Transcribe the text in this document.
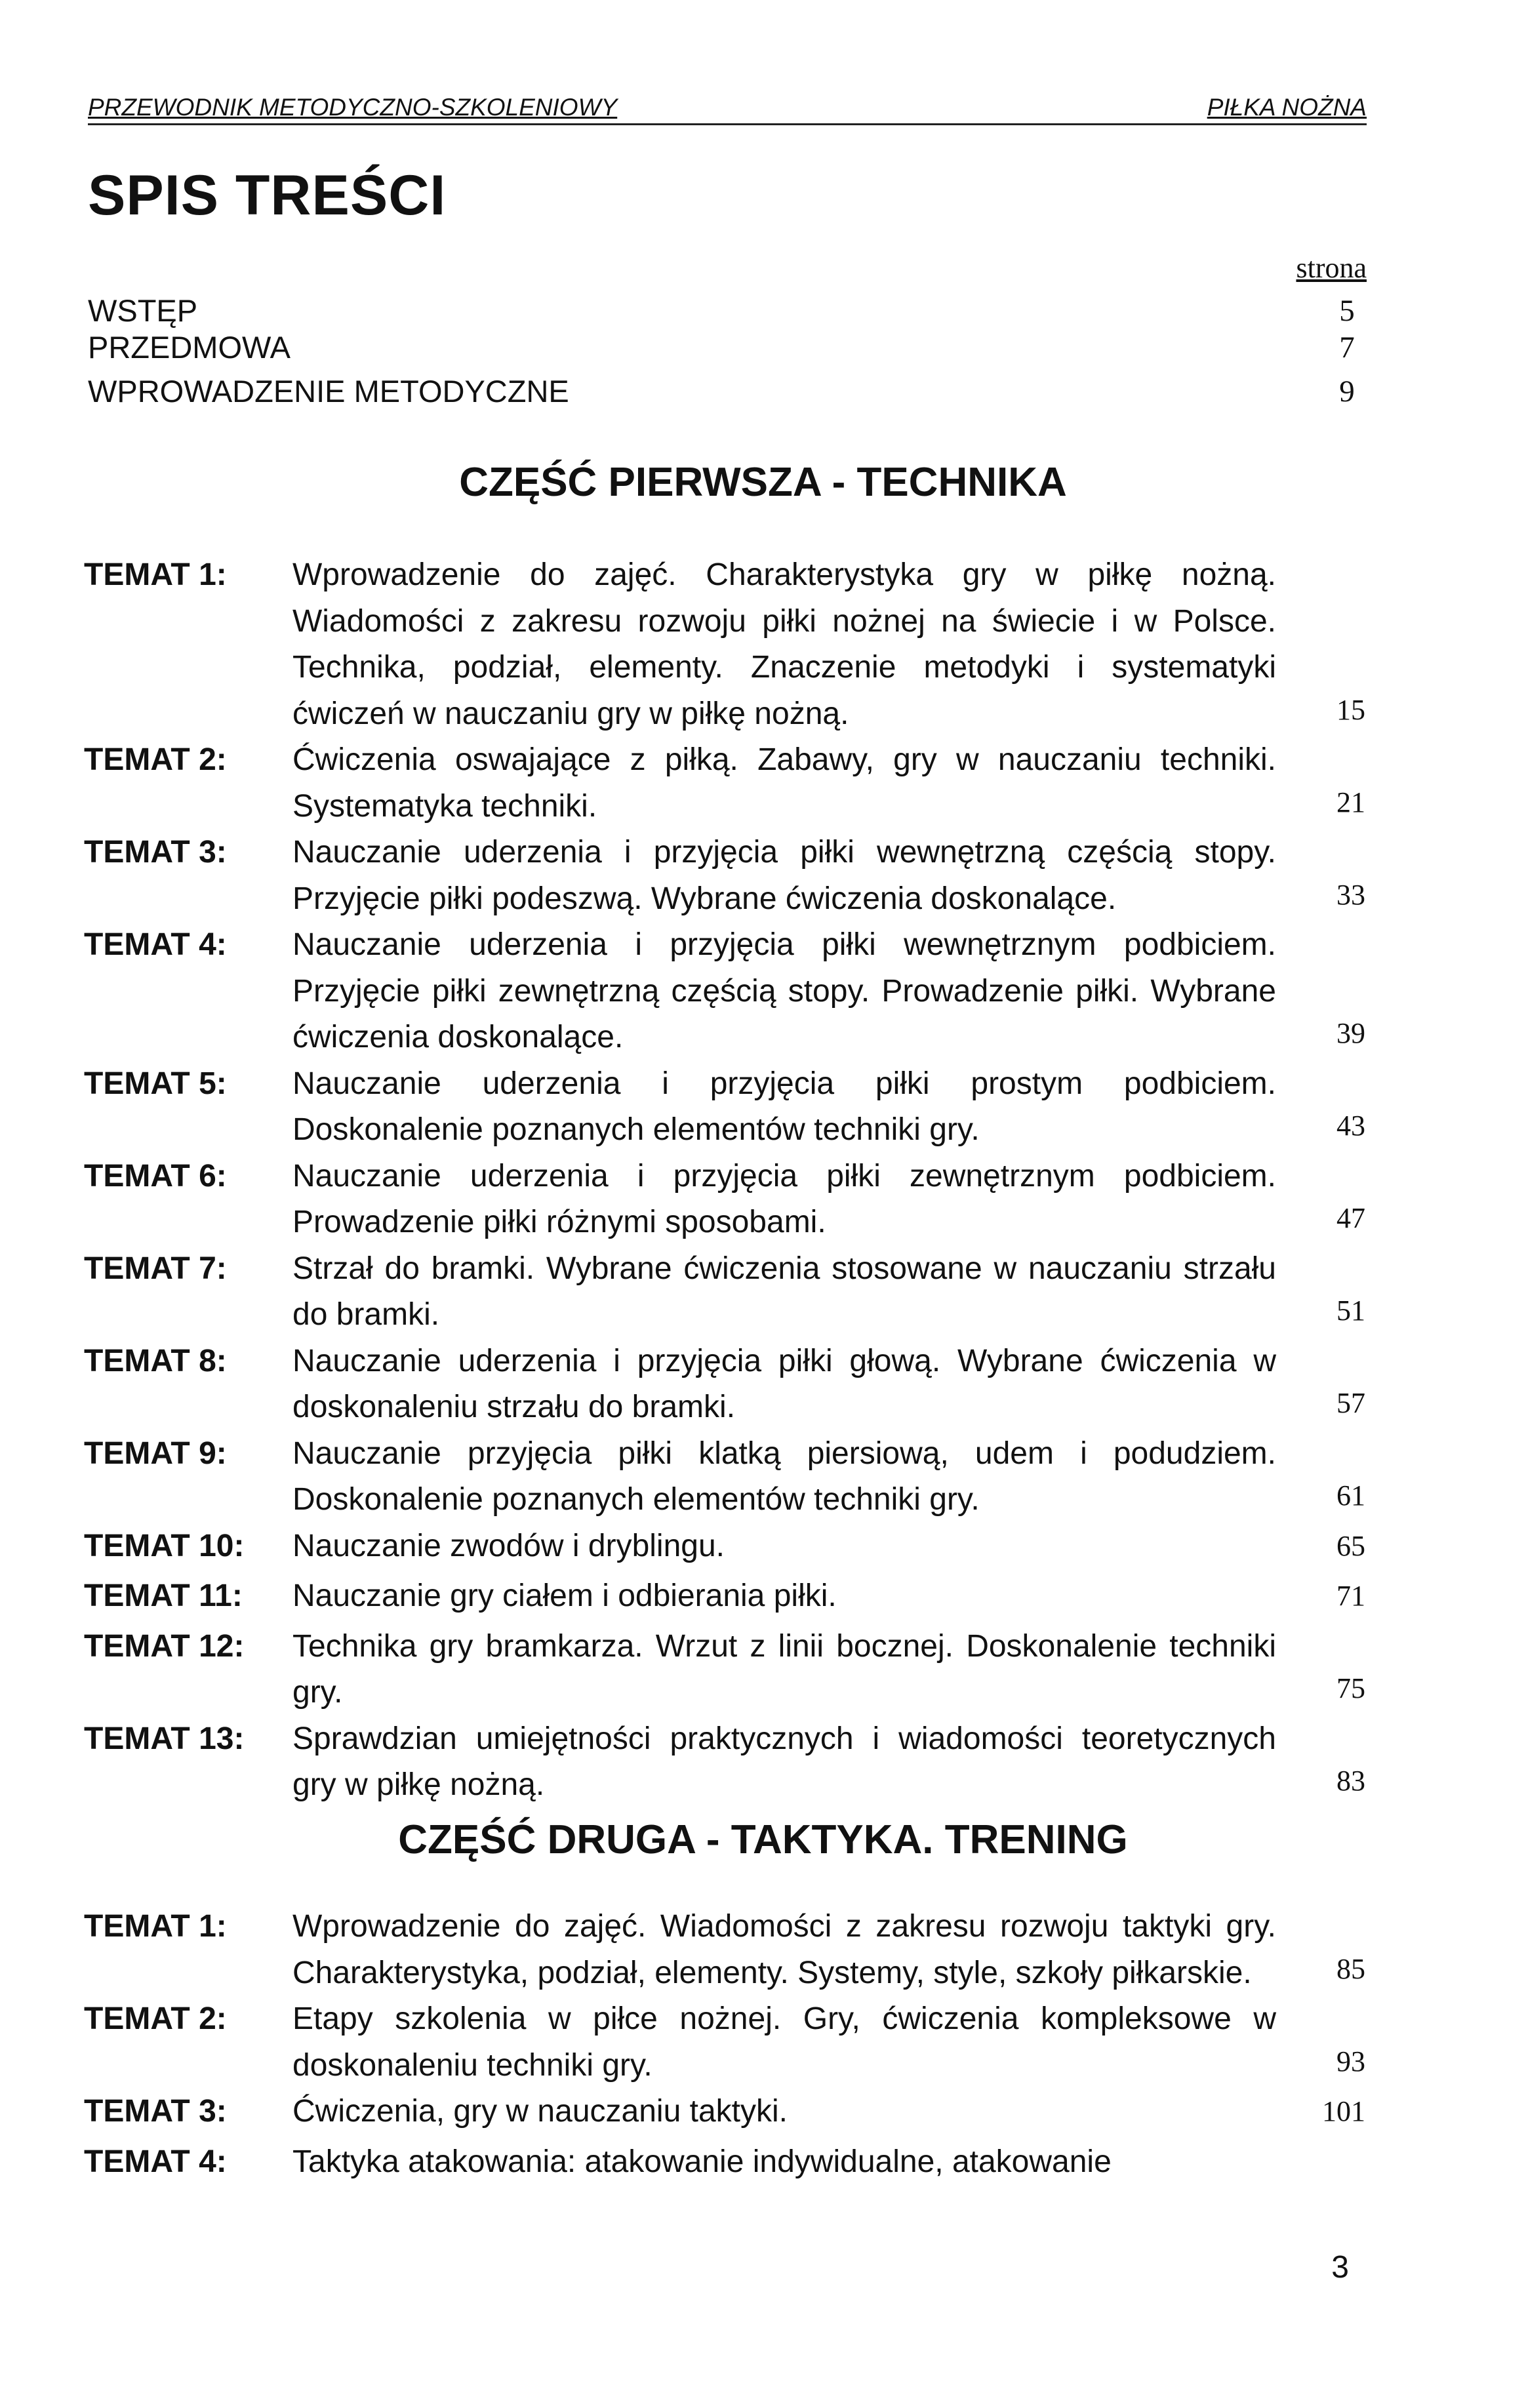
PRZEWODNIK METODYCZNO-SZKOLENIOWY	PIŁKA NOŻNA
SPIS TREŚCI
strona
WSTĘP	5
PRZEDMOWA	7
WPROWADZENIE METODYCZNE	9
CZĘŚĆ PIERWSZA - TECHNIKA
TEMAT 1:	Wprowadzenie do zajęć. Charakterystyka gry w piłkę nożną. Wiadomości z zakresu rozwoju piłki nożnej na świecie i w Polsce. Technika, podział, elementy. Znaczenie metodyki i systematyki ćwiczeń w nauczaniu gry w piłkę nożną.	15
TEMAT 2:	Ćwiczenia oswajające z piłką. Zabawy, gry w nauczaniu techniki. Systematyka techniki.	21
TEMAT 3:	Nauczanie uderzenia i przyjęcia piłki wewnętrzną częścią stopy. Przyjęcie piłki podeszwą. Wybrane ćwiczenia doskonalące.	33
TEMAT 4:	Nauczanie uderzenia i przyjęcia piłki wewnętrznym podbiciem. Przyjęcie piłki zewnętrzną częścią stopy. Prowadzenie piłki. Wybrane ćwiczenia doskonalące.	39
TEMAT 5:	Nauczanie uderzenia i przyjęcia piłki prostym podbiciem. Doskonalenie poznanych elementów techniki gry.	43
TEMAT 6:	Nauczanie uderzenia i przyjęcia piłki zewnętrznym podbiciem. Prowadzenie piłki różnymi sposobami.	47
TEMAT 7:	Strzał do bramki. Wybrane ćwiczenia stosowane w nauczaniu strzału do bramki.	51
TEMAT 8:	Nauczanie uderzenia i przyjęcia piłki głową. Wybrane ćwiczenia w doskonaleniu strzału do bramki.	57
TEMAT 9:	Nauczanie przyjęcia piłki klatką piersiową, udem i podudziem. Doskonalenie poznanych elementów techniki gry.	61
TEMAT 10:	Nauczanie zwodów i dryblingu.	65
TEMAT 11:	Nauczanie gry ciałem i odbierania piłki.	71
TEMAT 12:	Technika gry bramkarza. Wrzut z linii bocznej. Doskonalenie techniki gry.	75
TEMAT 13:	Sprawdzian umiejętności praktycznych i wiadomości teoretycznych gry w piłkę nożną.	83
CZĘŚĆ DRUGA - TAKTYKA. TRENING
TEMAT 1:	Wprowadzenie do zajęć. Wiadomości z zakresu rozwoju taktyki gry. Charakterystyka, podział, elementy. Systemy, style, szkoły piłkarskie.	85
TEMAT 2:	Etapy szkolenia w piłce nożnej. Gry, ćwiczenia kompleksowe w doskonaleniu techniki gry.	93
TEMAT 3:	Ćwiczenia, gry w nauczaniu taktyki.	101
TEMAT 4:	Taktyka atakowania: atakowanie indywidualne, atakowanie
3
